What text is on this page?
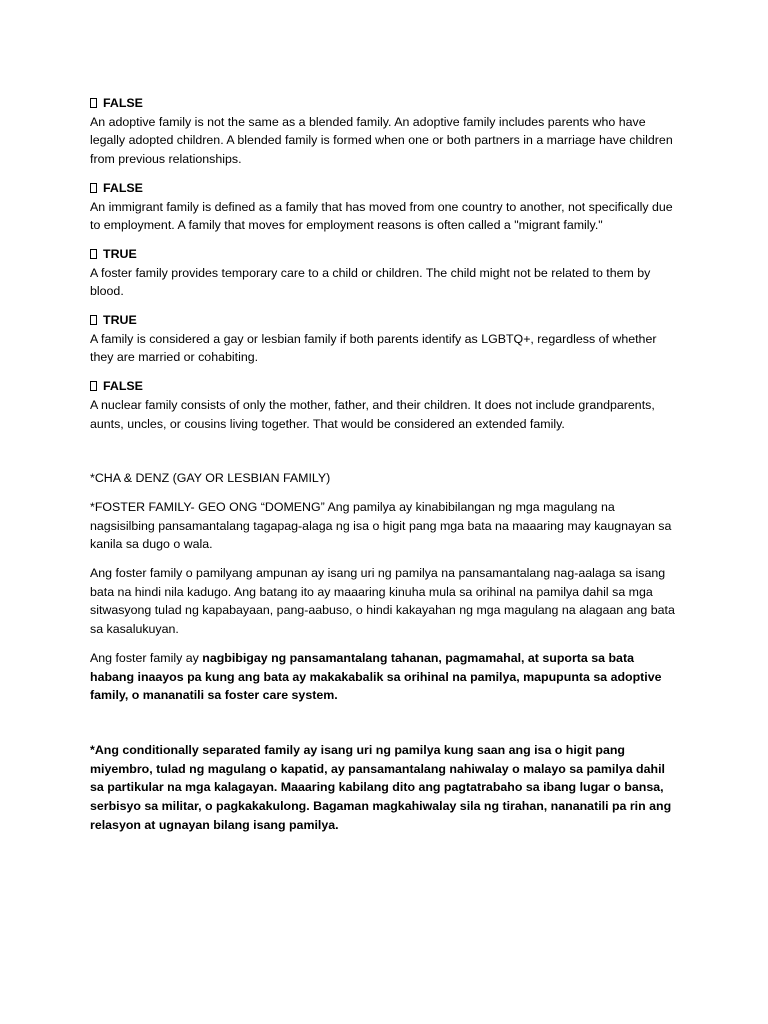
FALSE
An adoptive family is not the same as a blended family. An adoptive family includes parents who have legally adopted children. A blended family is formed when one or both partners in a marriage have children from previous relationships.
FALSE
An immigrant family is defined as a family that has moved from one country to another, not specifically due to employment. A family that moves for employment reasons is often called a "migrant family."
TRUE
A foster family provides temporary care to a child or children. The child might not be related to them by blood.
TRUE
A family is considered a gay or lesbian family if both parents identify as LGBTQ+, regardless of whether they are married or cohabiting.
FALSE
A nuclear family consists of only the mother, father, and their children. It does not include grandparents, aunts, uncles, or cousins living together. That would be considered an extended family.

*CHA & DENZ (GAY OR LESBIAN FAMILY)

*FOSTER FAMILY- GEO ONG “DOMENG” Ang pamilya ay kinabibilangan ng mga magulang na nagsisilbing pansamantalang tagapag-alaga ng isa o higit pang mga bata na maaaring may kaugnayan sa kanila sa dugo o wala.

Ang foster family o pamilyang ampunan ay isang uri ng pamilya na pansamantalang nag-aalaga sa isang bata na hindi nila kadugo. Ang batang ito ay maaaring kinuha mula sa orihinal na pamilya dahil sa mga sitwasyong tulad ng kapabayaan, pang-aabuso, o hindi kakayahan ng mga magulang na alagaan ang bata sa kasalukuyan.

Ang foster family ay nagbibigay ng pansamantalang tahanan, pagmamahal, at suporta sa bata habang inaayos pa kung ang bata ay makakabalik sa orihinal na pamilya, mapupunta sa adoptive family, o mananatili sa foster care system.

*Ang conditionally separated family ay isang uri ng pamilya kung saan ang isa o higit pang miyembro, tulad ng magulang o kapatid, ay pansamantalang nahiwalay o malayo sa pamilya dahil sa partikular na mga kalagayan. Maaaring kabilang dito ang pagtatrabaho sa ibang lugar o bansa, serbisyo sa militar, o pagkakakulong. Bagaman magkahiwalay sila ng tirahan, nananatili pa rin ang relasyon at ugnayan bilang isang pamilya.
